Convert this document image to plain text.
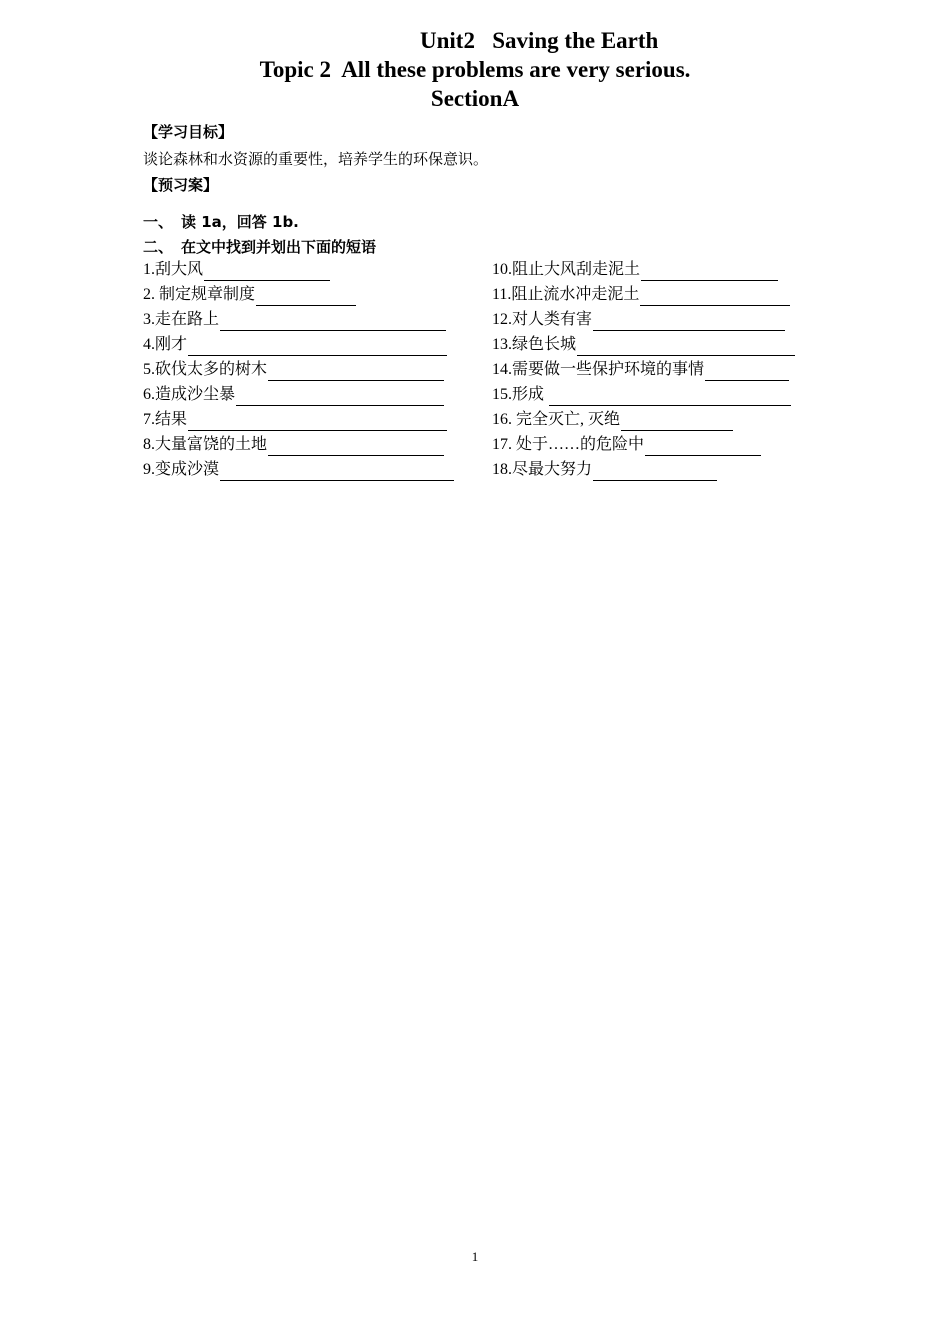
Unit2   Saving the Earth
Topic 2  All these problems are very serious.
SectionA
【学习目标】
谈论森林和水资源的重要性，培养学生的环保意识。
【预习案】
一、 读 1a，回答 1b.
二、 在文中找到并划出下面的短语
1.刮大风
2. 制定规章制度
3.走在路上
4.刚才
5.砍伐太多的树木
6.造成沙尘暴
7.结果
8.大量富饶的土地
9.变成沙漠
10.阻止大风刮走泥土
11.阻止流水冲走泥土
12.对人类有害
13.绿色长城
14.需要做一些保护环境的事情
15.形成
16. 完全灭亡, 灭绝
17. 处于……的危险中
18.尽最大努力
1
